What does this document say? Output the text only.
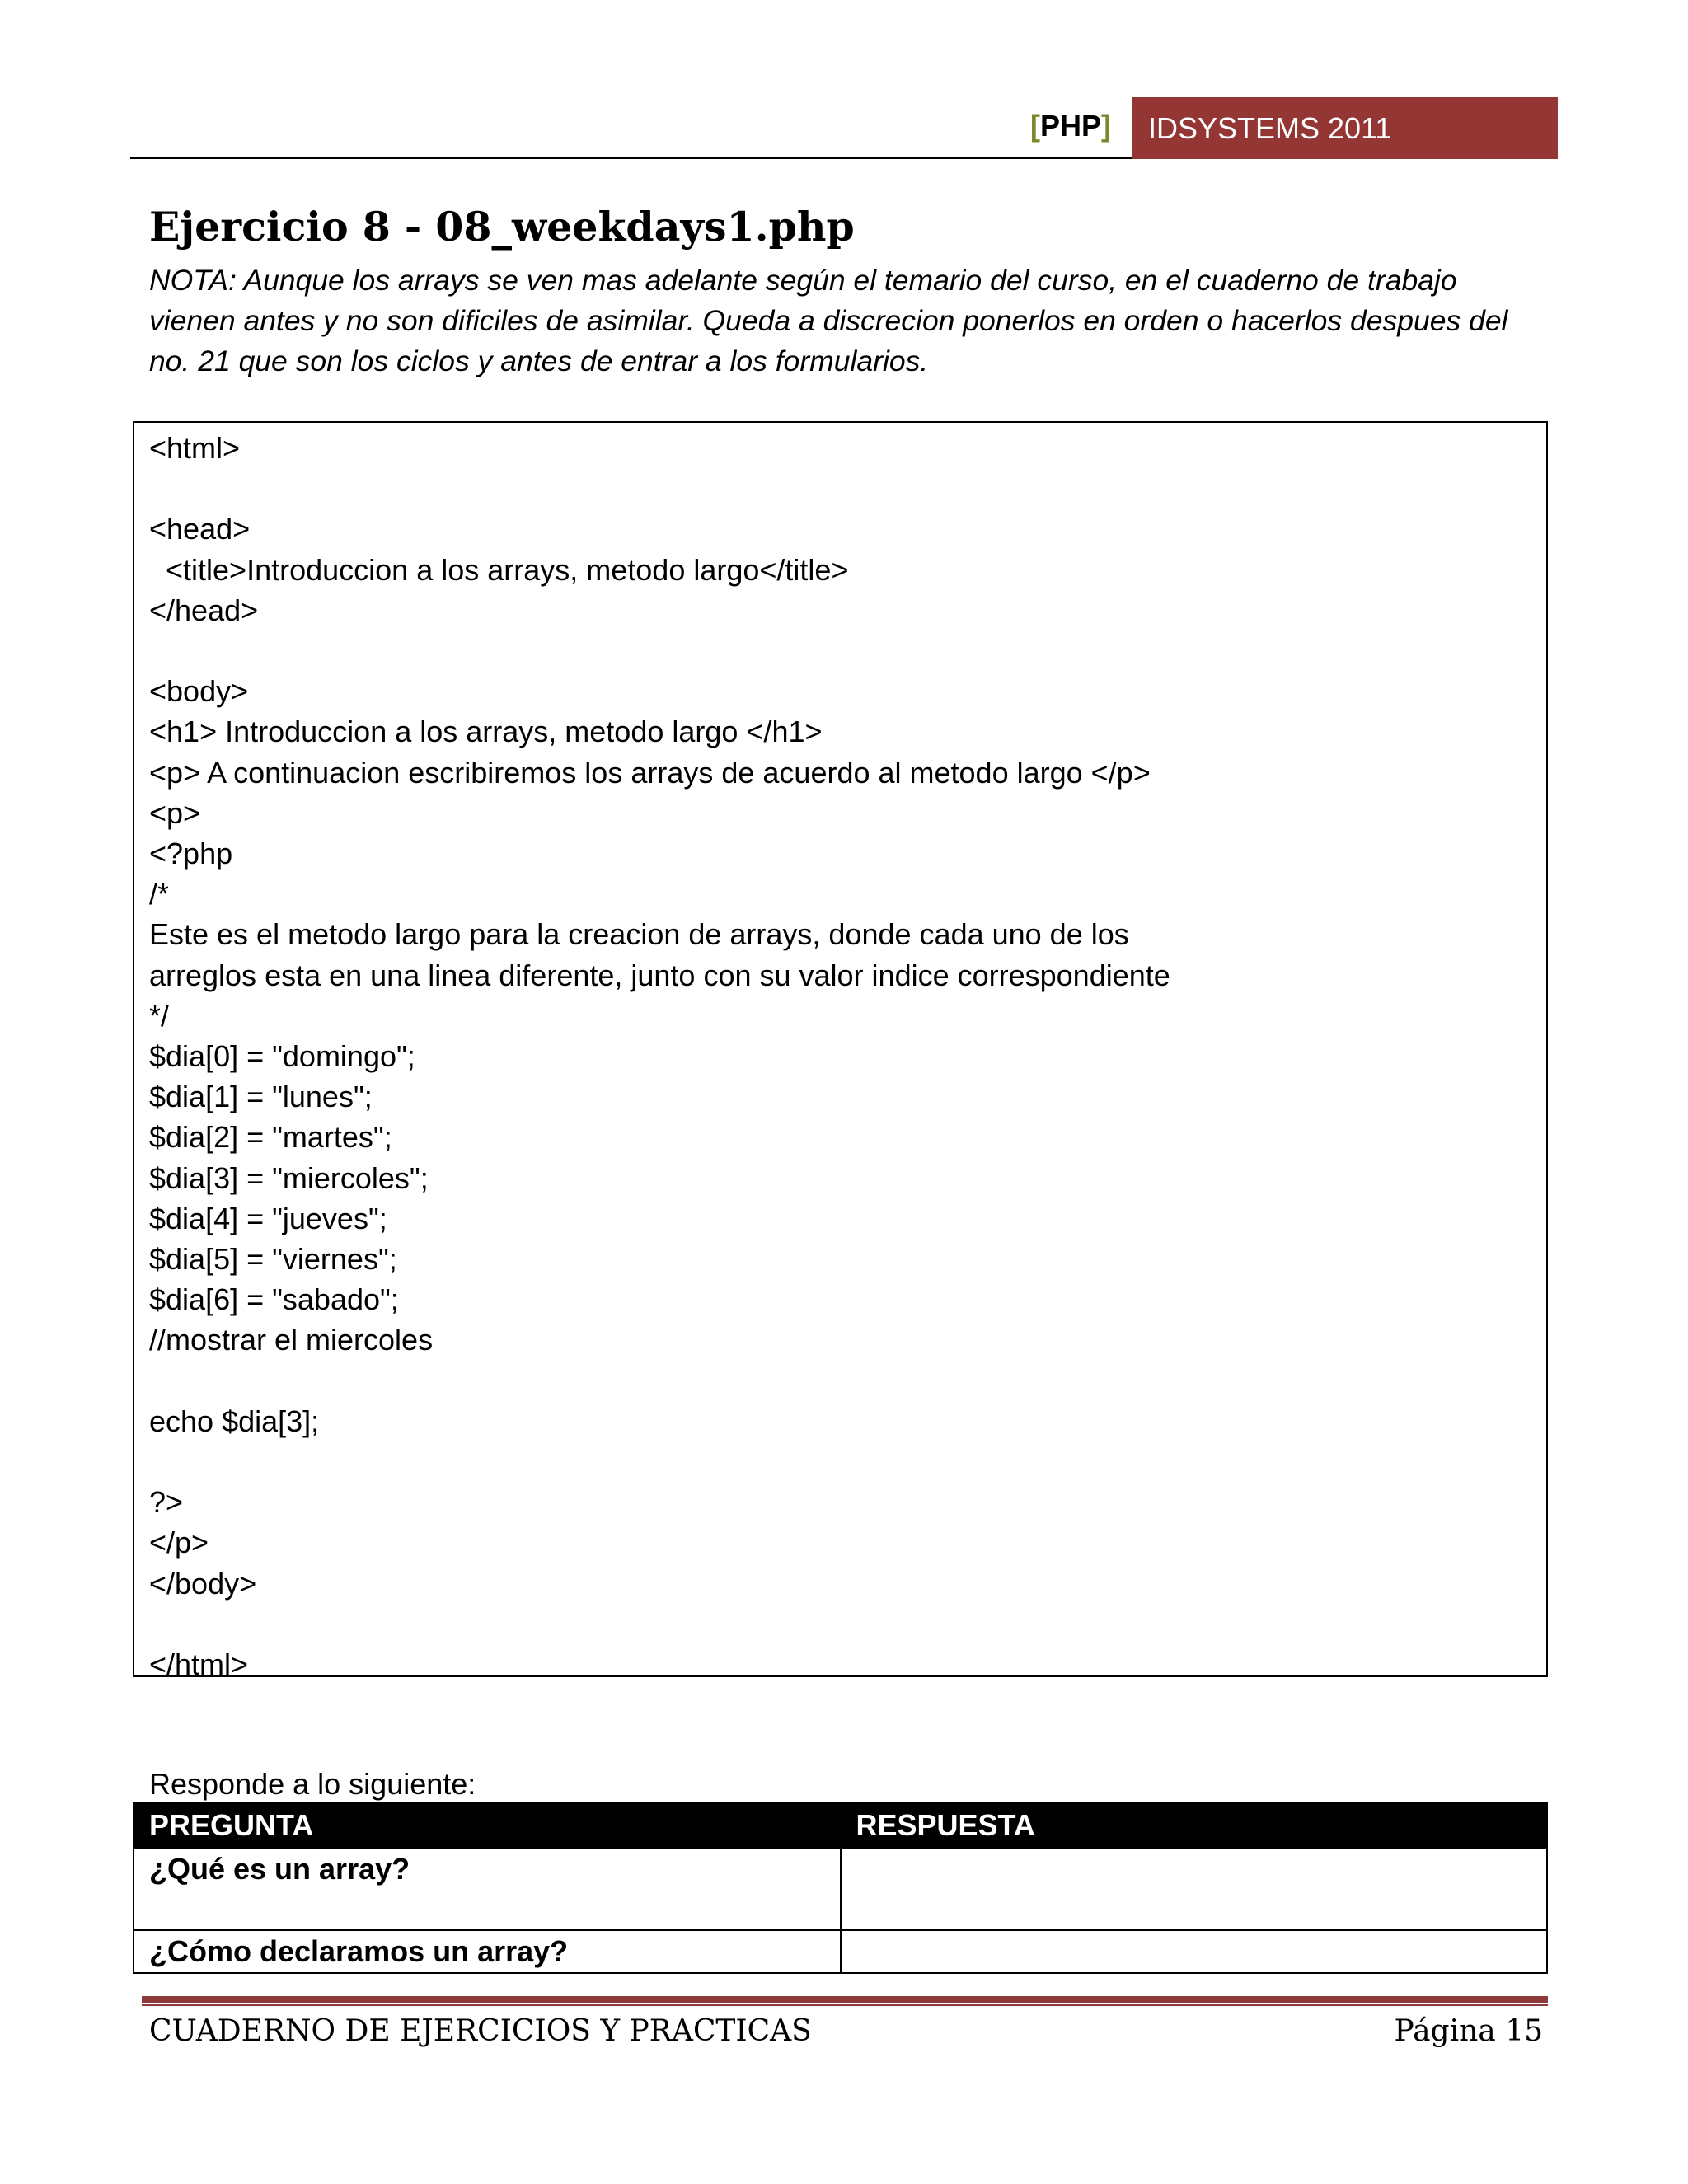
[PHP]	IDSYSTEMS 2011
Ejercicio 8 - 08_weekdays1.php

NOTA: Aunque los arrays se ven mas adelante según el temario del curso, en el cuaderno de trabajo vienen antes y no son dificiles de asimilar. Queda a discrecion ponerlos en orden o hacerlos despues del no. 21 que son los ciclos y antes de entrar a los formularios.

<html>

<head>
<title>Introduccion a los arrays, metodo largo</title>
</head>

<body>
<h1> Introduccion a los arrays, metodo largo </h1>
<p> A continuacion escribiremos los arrays de acuerdo al metodo largo </p>
<p>
<?php
/*
Este es el metodo largo para la creacion de arrays, donde cada uno de los
arreglos esta en una linea diferente, junto con su valor indice correspondiente
*/
$dia[0] = "domingo";
$dia[1] = "lunes";
$dia[2] = "martes";
$dia[3] = "miercoles";
$dia[4] = "jueves";
$dia[5] = "viernes";
$dia[6] = "sabado";
//mostrar el miercoles

echo $dia[3];

?>
</p>
</body>

</html>
Responde a lo siguiente:
PREGUNTA	RESPUESTA
¿Qué es un array?	
¿Cómo declaramos un array?	
CUADERNO DE EJERCICIOS Y PRACTICAS	Página 15
